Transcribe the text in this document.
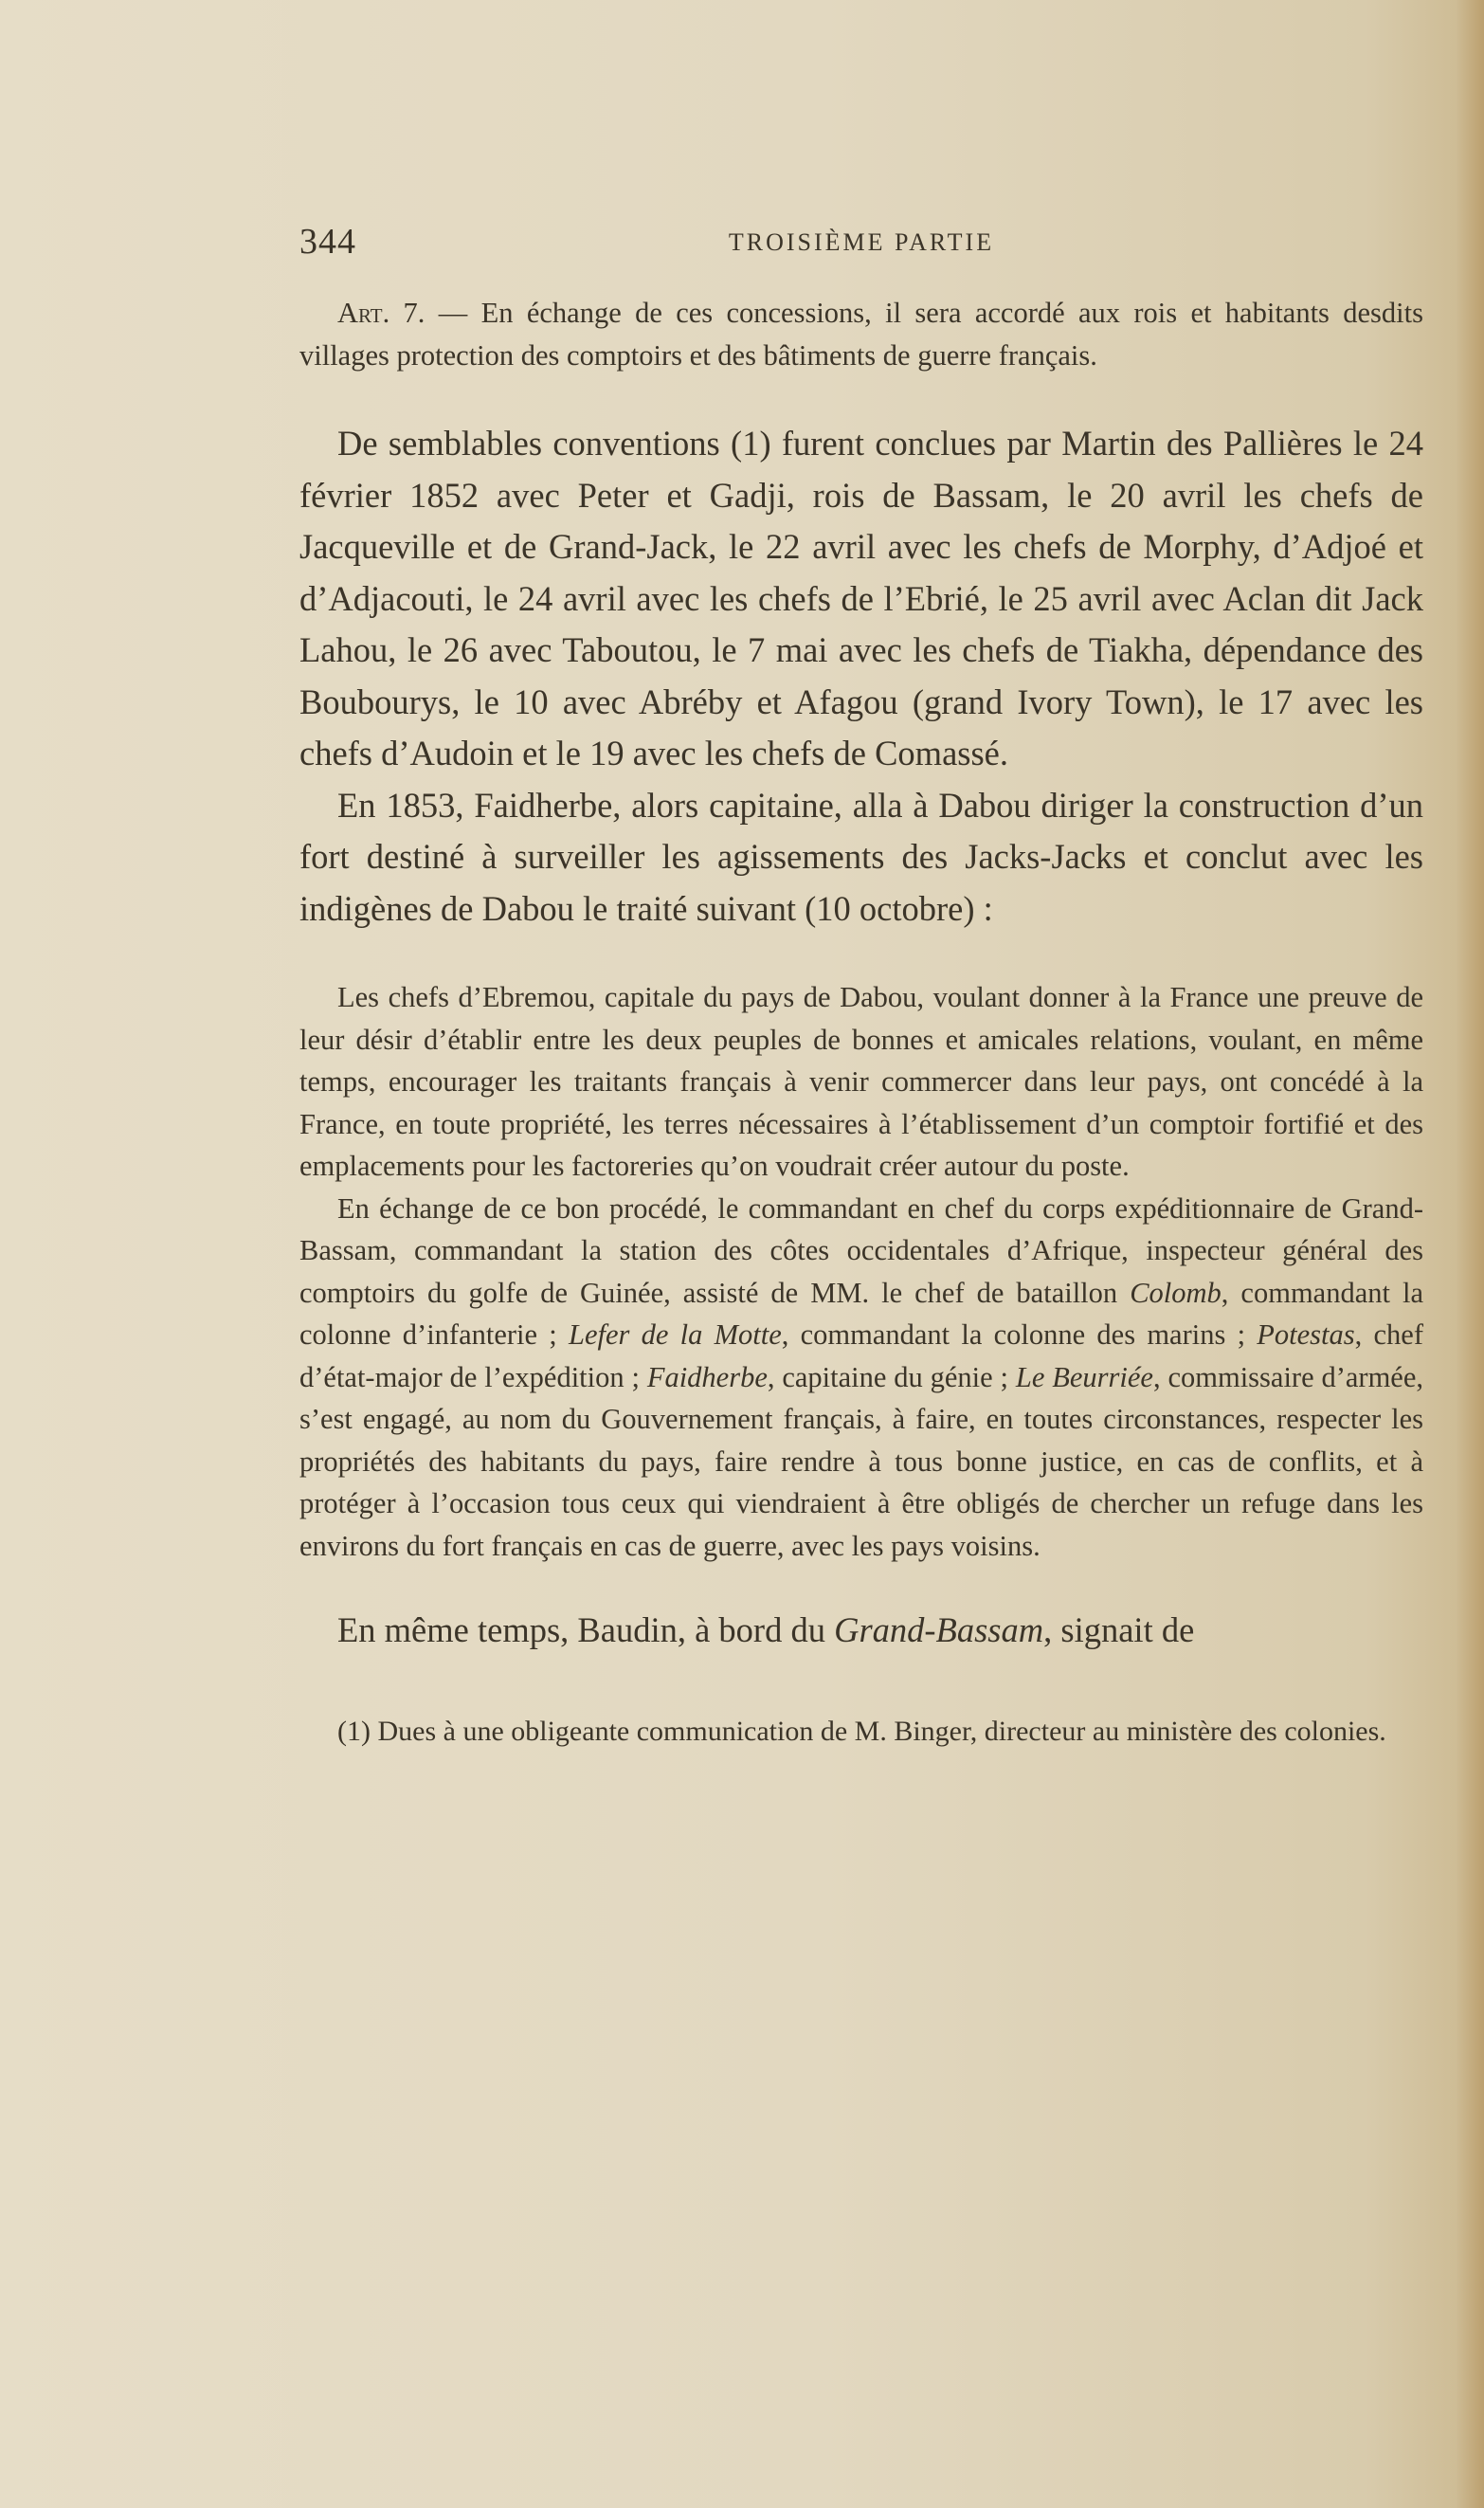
344	TROISIÈME PARTIE

Art. 7. — En échange de ces concessions, il sera accordé aux rois et habitants desdits villages protection des comptoirs et des bâtiments de guerre français.

De semblables conventions (1) furent conclues par Martin des Pallières le 24 février 1852 avec Peter et Gadji, rois de Bassam, le 20 avril les chefs de Jacqueville et de Grand-Jack, le 22 avril avec les chefs de Morphy, d’Adjoé et d’Adjacouti, le 24 avril avec les chefs de l’Ebrié, le 25 avril avec Aclan dit Jack Lahou, le 26 avec Taboutou, le 7 mai avec les chefs de Tiakha, dépendance des Boubourys, le 10 avec Abréby et Afagou (grand Ivory Town), le 17 avec les chefs d’Audoin et le 19 avec les chefs de Comassé.

En 1853, Faidherbe, alors capitaine, alla à Dabou diriger la construction d’un fort destiné à surveiller les agissements des Jacks-Jacks et conclut avec les indigènes de Dabou le traité suivant (10 octobre) :

Les chefs d’Ebremou, capitale du pays de Dabou, voulant donner à la France une preuve de leur désir d’établir entre les deux peuples de bonnes et amicales relations, voulant, en même temps, encourager les traitants français à venir commercer dans leur pays, ont concédé à la France, en toute propriété, les terres nécessaires à l’établissement d’un comptoir fortifié et des emplacements pour les factoreries qu’on voudrait créer autour du poste.

En échange de ce bon procédé, le commandant en chef du corps expéditionnaire de Grand-Bassam, commandant la station des côtes occidentales d’Afrique, inspecteur général des comptoirs du golfe de Guinée, assisté de MM. le chef de bataillon Colomb, commandant la colonne d’infanterie ; Lefer de la Motte, commandant la colonne des marins ; Potestas, chef d’état-major de l’expédition ; Faidherbe, capitaine du génie ; Le Beurriée, commissaire d’armée, s’est engagé, au nom du Gouvernement français, à faire, en toutes circonstances, respecter les propriétés des habitants du pays, faire rendre à tous bonne justice, en cas de conflits, et à protéger à l’occasion tous ceux qui viendraient à être obligés de chercher un refuge dans les environs du fort français en cas de guerre, avec les pays voisins.

En même temps, Baudin, à bord du Grand-Bassam, signait de

(1) Dues à une obligeante communication de M. Binger, directeur au ministère des colonies.
